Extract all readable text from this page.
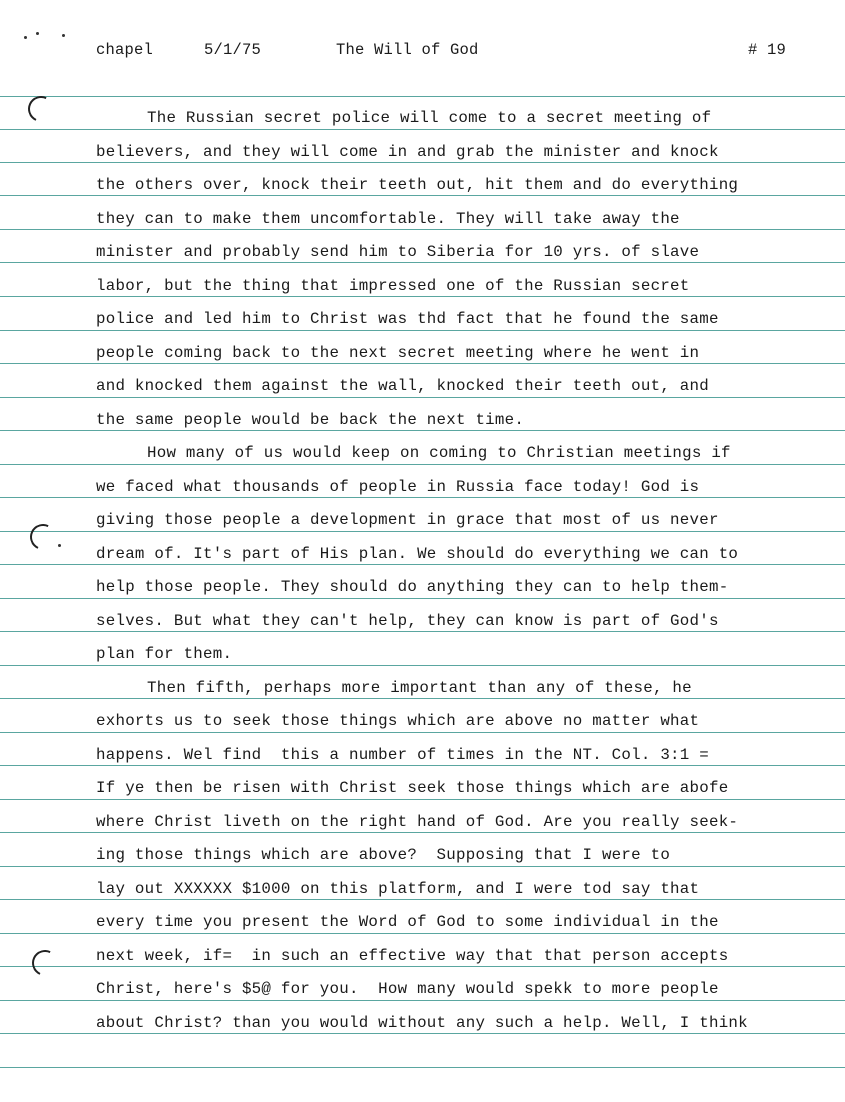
chapel	5/1/75	The Will of God	# 19
The Russian secret police will come to a secret meeting of
believers, and they will come in and grab the minister and knock
the others over, knock their teeth out, hit them and do everything
they can to make them uncomfortable. They will take away the
minister and probably send him to Siberia for 10 yrs. of slave
labor, but the thing that impressed one of the Russian secret
police and led him to Christ was thd fact that he found the same
people coming back to the next secret meeting where he went in
and knocked them against the wall, knocked their teeth out, and
the same people would be back the next time.
How many of us would keep on coming to Christian meetings if
we faced what thousands of people in Russia face today! God is
giving those people a development in grace that most of us never
dream of. It's part of His plan. We should do everything we can to
help those people. They should do anything they can to help them-
selves. But what they can't help, they can know is part of God's
plan for them.
Then fifth, perhaps more important than any of these, he
exhorts us to seek those things which are above no matter what
happens. Wel find  this a number of times in the NT. Col. 3:1 =
If ye then be risen with Christ seek those things which are abofe
where Christ liveth on the right hand of God. Are you really seek-
ing those things which are above?  Supposing that I were to
lay out XXXXXX $1000 on this platform, and I were tod say that
every time you present the Word of God to some individual in the
next week, if=  in such an effective way that that person accepts
Christ, here's $5@ for you.  How many would spekk to more people
about Christ? than you would without any such a help. Well, I think
